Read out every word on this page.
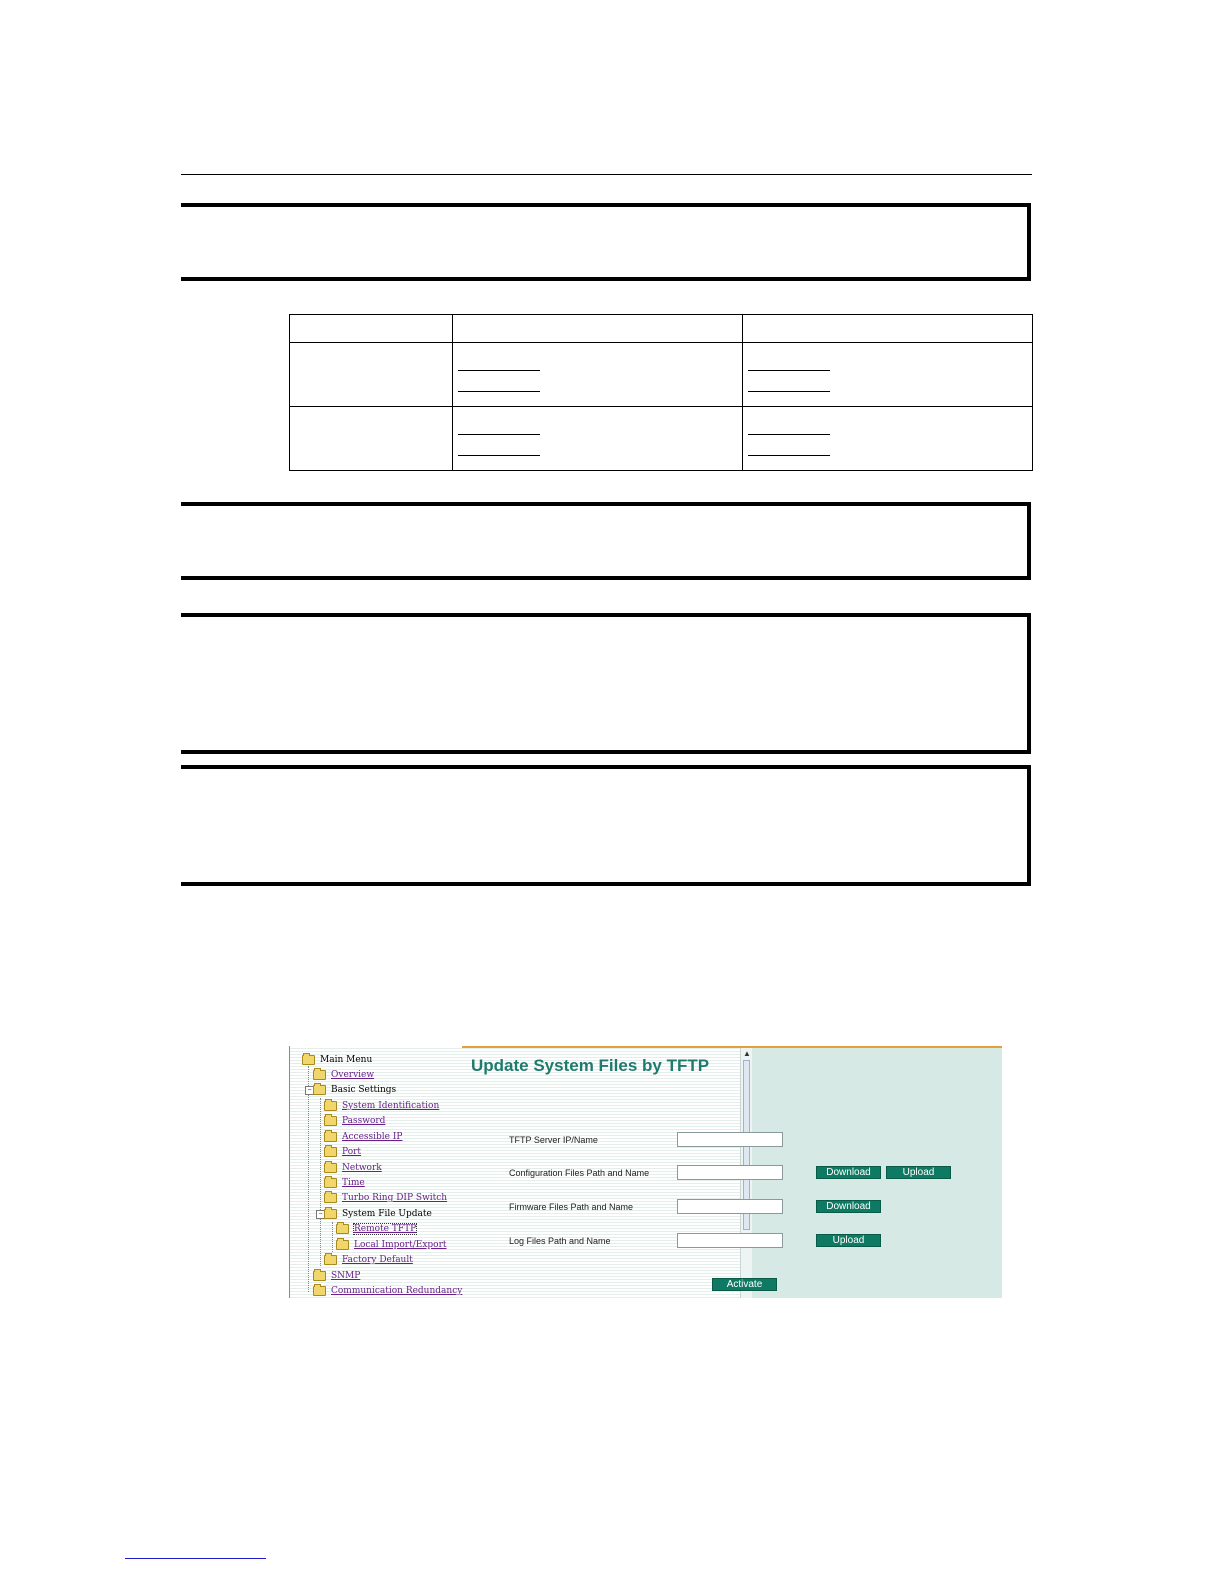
Main Menu
Overview
− Basic Settings
System Identification
Password
Accessible IP
Port
Network
Time
Turbo Ring DIP Switch
− System File Update
Remote TFTP
Local Import/Export
Factory Default
SNMP
Communication Redundancy
▲
Update System Files by TFTP
TFTP Server IP/Name
Configuration Files Path and Name	Download	Upload
Firmware Files Path and Name	Download
Log Files Path and Name	Upload
Activate
